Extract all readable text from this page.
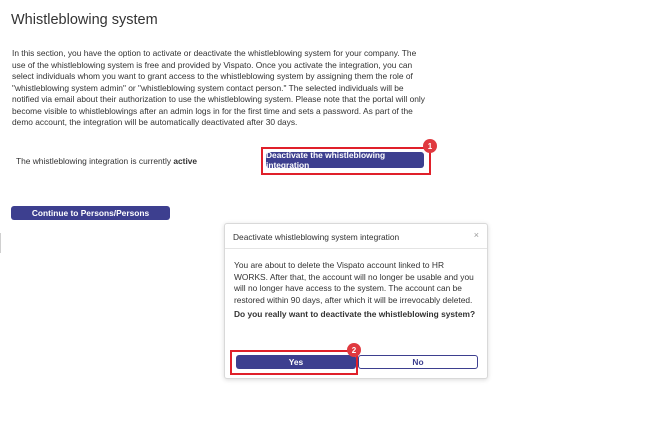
Whistleblowing system
In this section, you have the option to activate or deactivate the whistleblowing system for your company. The use of the whistleblowing system is free and provided by Vispato. Once you activate the integration, you can select individuals whom you want to grant access to the whistleblowing system by assigning them the role of "whistleblowing system admin" or "whistleblowing system contact person." The selected individuals will be notified via email about their authorization to use the whistleblowing system. Please note that the portal will only become visible to whistleblowings after an admin logs in for the first time and sets a password. As part of the demo account, the integration will be automatically deactivated after 30 days.
The whistleblowing integration is currently active
Deactivate the whistleblowing integration
1
Continue to Persons/Persons
Deactivate whistleblowing system integration	×
You are about to delete the Vispato account linked to HR WORKS. After that, the account will no longer be usable and you will no longer have access to the system. The account can be restored within 90 days, after which it will be irrevocably deleted.
Do you really want to deactivate the whistleblowing system?
Yes	No
2
